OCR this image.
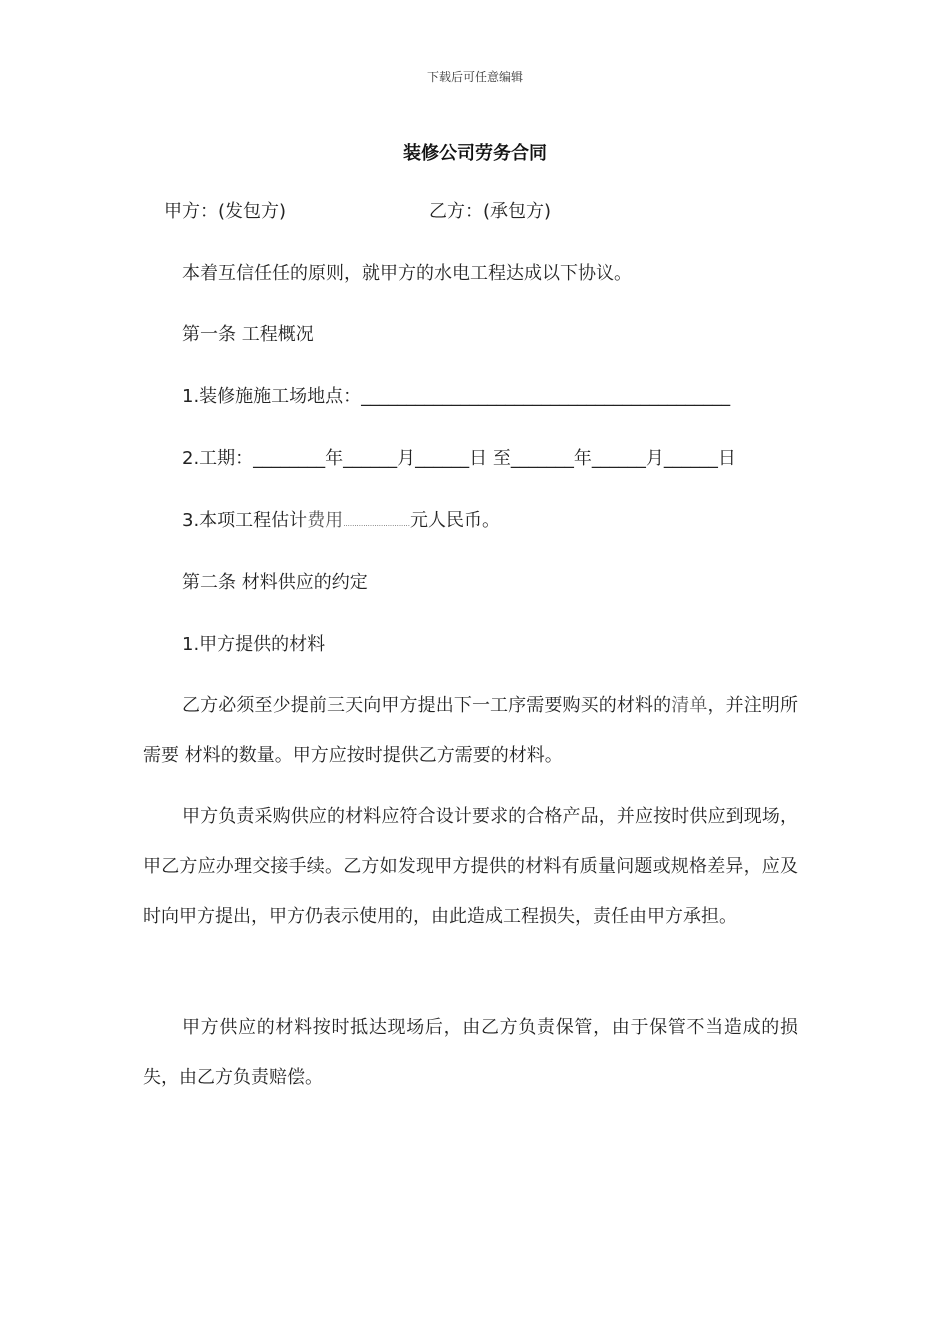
下载后可任意编辑
装修公司劳务合同
甲方：(发包方)	乙方：(承包方)
本着互信任任的原则，就甲方的水电工程达成以下协议。
第一条 工程概况
1.装修施施工场地点：_________________________________________
2.工期：________年______月______日 至_______年______月______日
3.本项工程估计费用..............................元人民币。
第二条 材料供应的约定
1.甲方提供的材料
乙方必须至少提前三天向甲方提出下一工序需要购买的材料的清单，并注明所需要 材料的数量。甲方应按时提供乙方需要的材料。
甲方负责采购供应的材料应符合设计要求的合格产品，并应按时供应到现场，甲乙方应办理交接手续。乙方如发现甲方提供的材料有质量问题或规格差异，应及时向甲方提出，甲方仍表示使用的，由此造成工程损失，责任由甲方承担。
甲方供应的材料按时抵达现场后，由乙方负责保管，由于保管不当造成的损失，由乙方负责赔偿。
